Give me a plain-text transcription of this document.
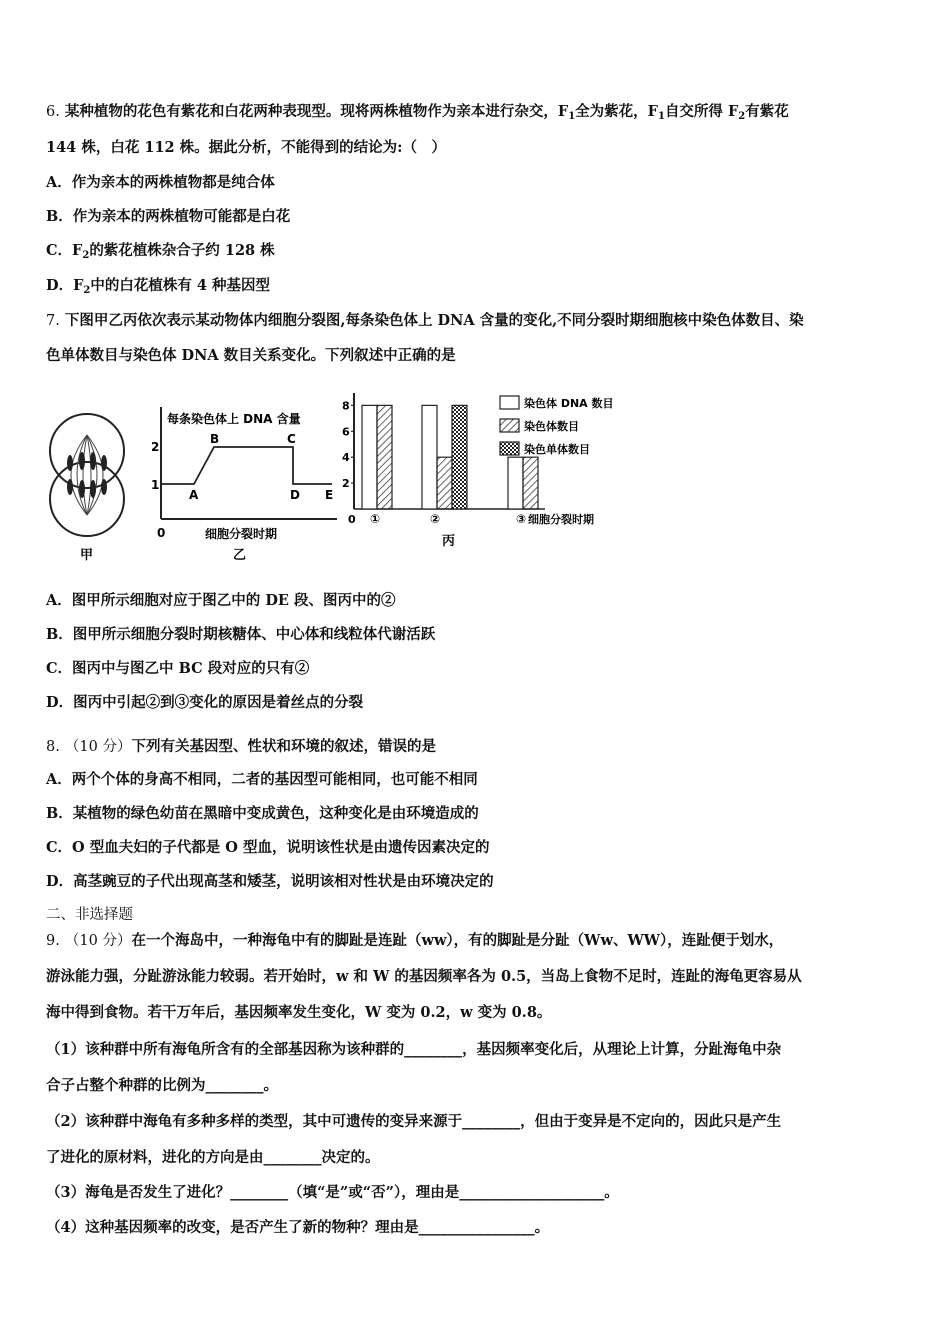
6. 某种植物的花色有紫花和白花两种表现型。现将两株植物作为亲本进行杂交，$F_1$全为紫花，$F_1$自交所得 $F_2$有紫花
144 株，白花 112 株。据此分析，不能得到的结论为:（　）
A．作为亲本的两株植物都是纯合体
B．作为亲本的两株植物可能都是白花
C．$F_2$的紫花植株杂合子约 128 株
D．$F_2$中的白花植株有 4 种基因型
7. 下图甲乙丙依次表示某动物体内细胞分裂图,每条染色体上 DNA 含量的变化,不同分裂时期细胞核中染色体数目、染
色单体数目与染色体 DNA 数目关系变化。下列叙述中正确的是
甲
每条染色体上 DNA 含量
2
1
0
A
B	C
D E
细胞分裂时期
乙
0
丙
2
4
6
8
①	②	③ 细胞分裂时期
染色体 DNA 数目
染色体数目
染色单体数目
A．图甲所示细胞对应于图乙中的 DE 段、图丙中的②
B．图甲所示细胞分裂时期核糖体、中心体和线粒体代谢活跃
C．图丙中与图乙中 BC 段对应的只有②
D．图丙中引起②到③变化的原因是着丝点的分裂
8. （10 分）下列有关基因型、性状和环境的叙述，错误的是
A．两个个体的身高不相同，二者的基因型可能相同，也可能不相同
B．某植物的绿色幼苗在黑暗中变成黄色，这种变化是由环境造成的
C．O 型血夫妇的子代都是 O 型血，说明该性状是由遗传因素决定的
D．高茎豌豆的子代出现高茎和矮茎，说明该相对性状是由环境决定的
二、非选择题
9. （10 分）在一个海岛中，一种海龟中有的脚趾是连趾（ww），有的脚趾是分趾（Ww、WW），连趾便于划水，
游泳能力强，分趾游泳能力较弱。若开始时，w 和 W 的基因频率各为 0.5，当岛上食物不足时，连趾的海龟更容易从
海中得到食物。若干万年后，基因频率发生变化，W 变为 0.2，w 变为 0.8。
（1）该种群中所有海龟所含有的全部基因称为该种群的________，基因频率变化后，从理论上计算，分趾海龟中杂
合子占整个种群的比例为________。
（2）该种群中海龟有多种多样的类型，其中可遗传的变异来源于________，但由于变异是不定向的，因此只是产生
了进化的原材料，进化的方向是由________决定的。
（3）海龟是否发生了进化？________（填“是”或“否”），理由是____________________。
（4）这种基因频率的改变，是否产生了新的物种？理由是________________。
